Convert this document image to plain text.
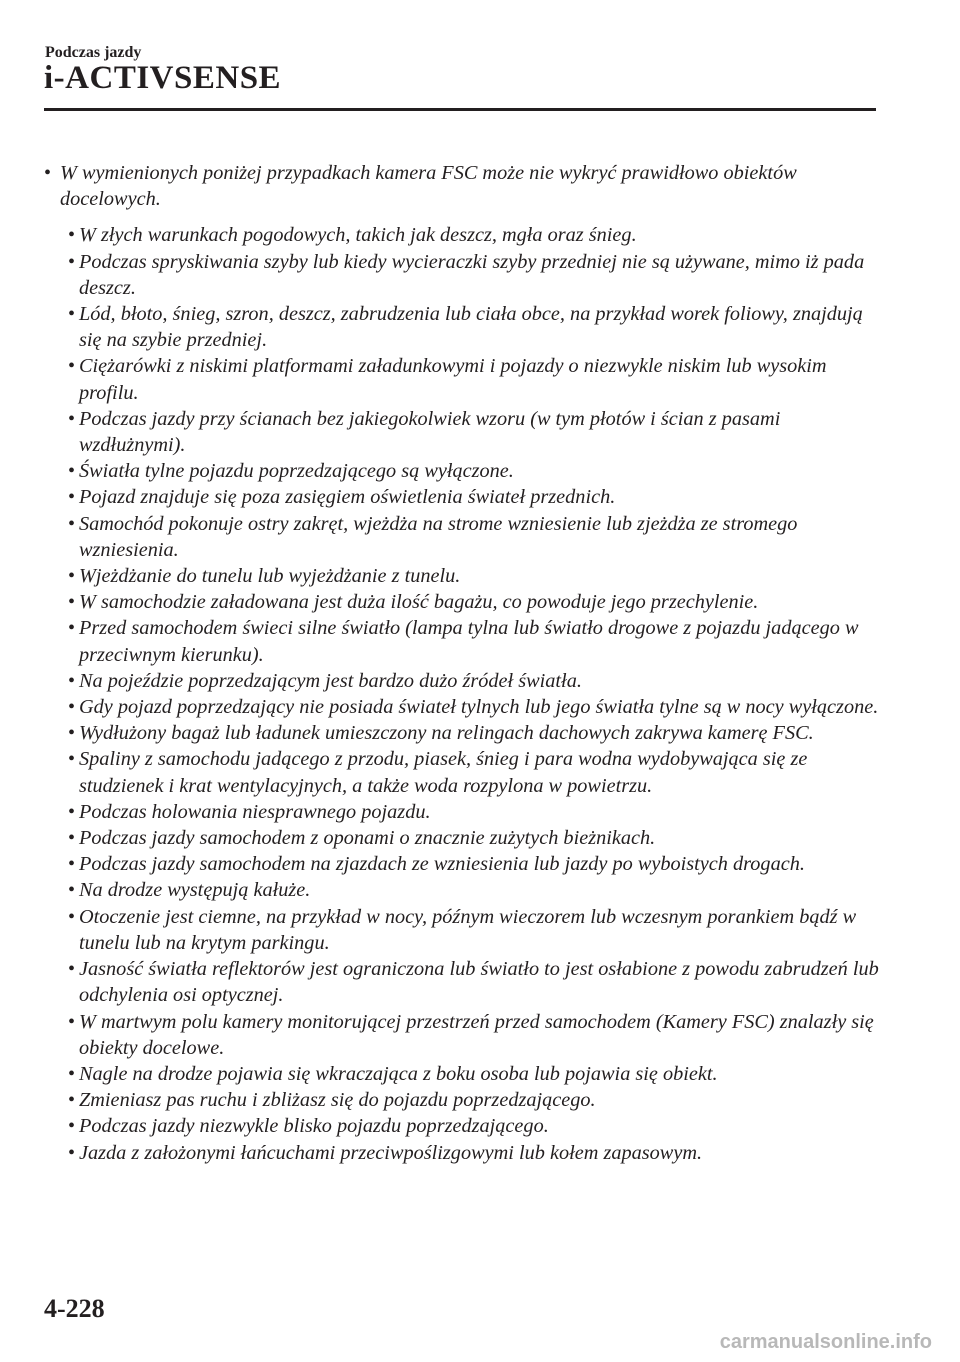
Podczas jazdy
i-ACTIVSENSE

• W wymienionych poniżej przypadkach kamera FSC może nie wykryć prawidłowo obiektów docelowych.

• W złych warunkach pogodowych, takich jak deszcz, mgła oraz śnieg.
• Podczas spryskiwania szyby lub kiedy wycieraczki szyby przedniej nie są używane, mimo iż pada deszcz.
• Lód, błoto, śnieg, szron, deszcz, zabrudzenia lub ciała obce, na przykład worek foliowy, znajdują się na szybie przedniej.
• Ciężarówki z niskimi platformami załadunkowymi i pojazdy o niezwykle niskim lub wysokim profilu.
• Podczas jazdy przy ścianach bez jakiegokolwiek wzoru (w tym płotów i ścian z pasami wzdłużnymi).
• Światła tylne pojazdu poprzedzającego są wyłączone.
• Pojazd znajduje się poza zasięgiem oświetlenia świateł przednich.
• Samochód pokonuje ostry zakręt, wjeżdża na strome wzniesienie lub zjeżdża ze stromego wzniesienia.
• Wjeżdżanie do tunelu lub wyjeżdżanie z tunelu.
• W samochodzie załadowana jest duża ilość bagażu, co powoduje jego przechylenie.
• Przed samochodem świeci silne światło (lampa tylna lub światło drogowe z pojazdu jadącego w przeciwnym kierunku).
• Na pojeździe poprzedzającym jest bardzo dużo źródeł światła.
• Gdy pojazd poprzedzający nie posiada świateł tylnych lub jego światła tylne są w nocy wyłączone.
• Wydłużony bagaż lub ładunek umieszczony na relingach dachowych zakrywa kamerę FSC.
• Spaliny z samochodu jadącego z przodu, piasek, śnieg i para wodna wydobywająca się ze studzienek i krat wentylacyjnych, a także woda rozpylona w powietrzu.
• Podczas holowania niesprawnego pojazdu.
• Podczas jazdy samochodem z oponami o znacznie zużytych bieżnikach.
• Podczas jazdy samochodem na zjazdach ze wzniesienia lub jazdy po wyboistych drogach.
• Na drodze występują kałuże.
• Otoczenie jest ciemne, na przykład w nocy, późnym wieczorem lub wczesnym porankiem bądź w tunelu lub na krytym parkingu.
• Jasność światła reflektorów jest ograniczona lub światło to jest osłabione z powodu zabrudzeń lub odchylenia osi optycznej.
• W martwym polu kamery monitorującej przestrzeń przed samochodem (Kamery FSC) znalazły się obiekty docelowe.
• Nagle na drodze pojawia się wkraczająca z boku osoba lub pojawia się obiekt.
• Zmieniasz pas ruchu i zbliżasz się do pojazdu poprzedzającego.
• Podczas jazdy niezwykle blisko pojazdu poprzedzającego.
• Jazda z założonymi łańcuchami przeciwpoślizgowymi lub kołem zapasowym.
4-228
carmanualsonline.info
